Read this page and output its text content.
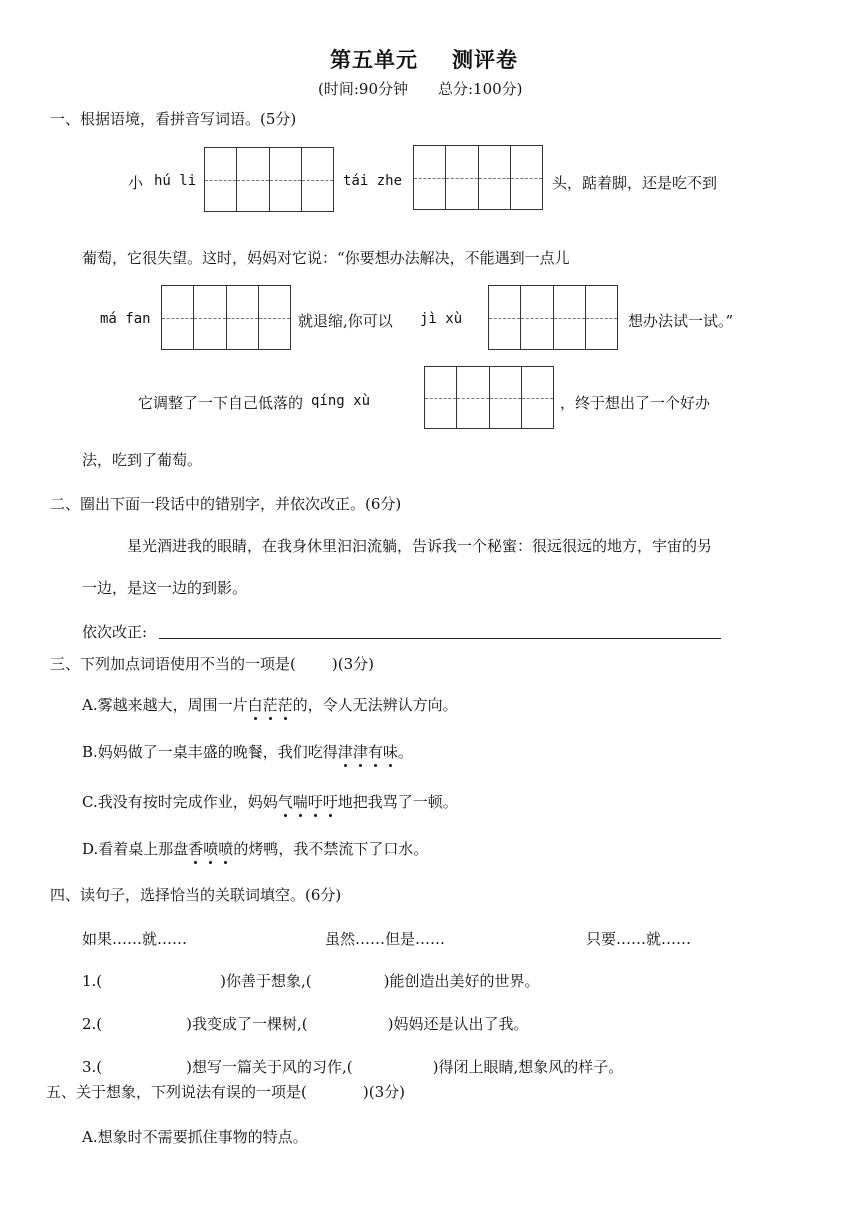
第五单元 测评卷
(时间:90分钟 总分:100分)
一、根据语境，看拼音写词语。(5分)
小 hú li	tái zhe	头，踮着脚，还是吃不到
葡萄，它很失望。这时，妈妈对它说：“你要想办法解决，不能遇到一点儿
má fan	就退缩,你可以 jì xù	想办法试一试。”
它调整了一下自己低落的 qíng xù	，终于想出了一个好办
法，吃到了葡萄。
二、圈出下面一段话中的错别字，并依次改正。(6分)
星光酒进我的眼睛，在我身休里汩汩流躺，告诉我一个秘蜜：很远很远的地方，宇宙的另
一边，是这一边的到影。
依次改正:
三、下列加点词语使用不当的一项是( )(3分)
A.雾越来越大，周围一片白茫茫的，令人无法辨认方向。
B.妈妈做了一桌丰盛的晚餐，我们吃得津津有味。
C.我没有按时完成作业，妈妈气喘吁吁地把我骂了一顿。
D.看着桌上那盘香喷喷的烤鸭，我不禁流下了口水。
四、读句子，选择恰当的关联词填空。(6分)
如果……就……	虽然……但是……	只要……就……
1.(	)你善于想象,(	)能创造出美好的世界。
2.(	)我变成了一棵树,(	)妈妈还是认出了我。
3.(	)想写一篇关于风的习作,(	)得闭上眼睛,想象风的样子。
五、关于想象，下列说法有误的一项是(	)(3分)
A.想象时不需要抓住事物的特点。
